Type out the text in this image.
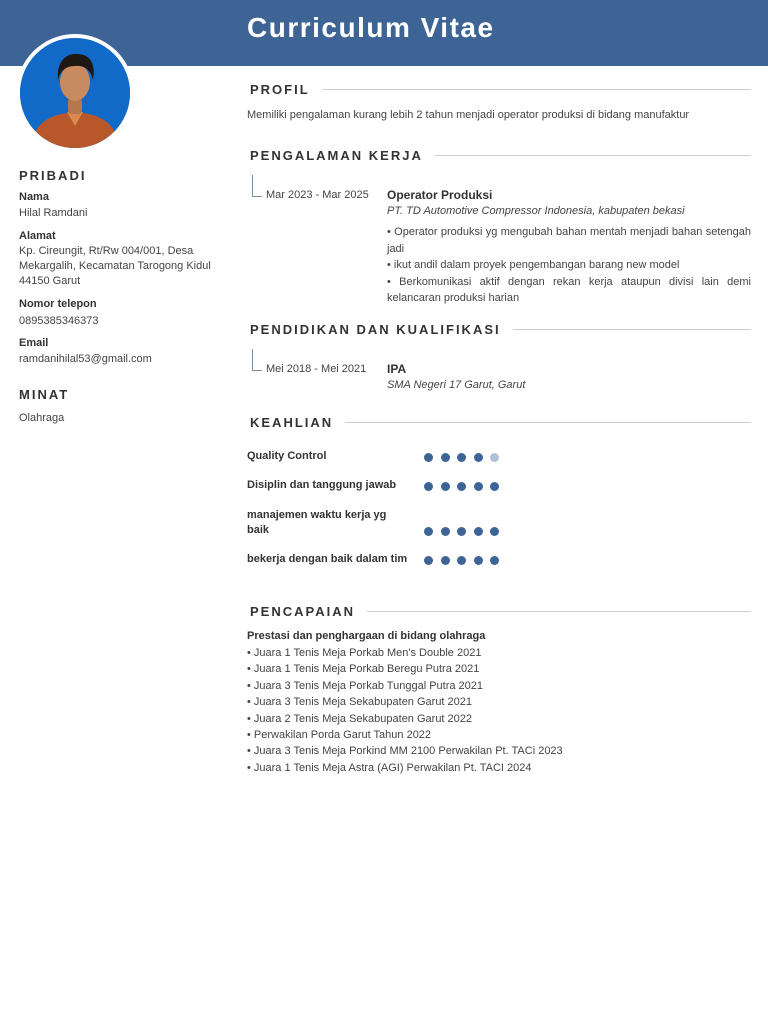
Curriculum Vitae
PRIBADI
Nama
Hilal Ramdani
Alamat
Kp. Cireungit, Rt/Rw 004/001, Desa Mekargalih, Kecamatan Tarogong Kidul 44150 Garut
Nomor telepon
0895385346373
Email
ramdanihilal53@gmail.com
MINAT
Olahraga
PROFIL
Memiliki pengalaman kurang lebih 2 tahun menjadi operator produksi di bidang manufaktur
PENGALAMAN KERJA
Mar 2023 - Mar 2025 Operator Produksi
PT. TD Automotive Compressor Indonesia, kabupaten bekasi
• Operator produksi yg mengubah bahan mentah menjadi bahan setengah jadi
• ikut andil dalam proyek pengembangan barang new model
• Berkomunikasi aktif dengan rekan kerja ataupun divisi lain demi kelancaran produksi harian
PENDIDIKAN DAN KUALIFIKASI
Mei 2018 - Mei 2021 IPA
SMA Negeri 17 Garut, Garut
KEAHLIAN
Quality Control
Disiplin dan tanggung jawab
manajemen waktu kerja yg baik
bekerja dengan baik dalam tim
PENCAPAIAN
Prestasi dan penghargaan di bidang olahraga
• Juara 1 Tenis Meja Porkab Men's Double 2021
• Juara 1 Tenis Meja Porkab Beregu Putra 2021
• Juara 3 Tenis Meja Porkab Tunggal Putra 2021
• Juara 3 Tenis Meja Sekabupaten Garut 2021
• Juara 2 Tenis Meja Sekabupaten Garut 2022
• Perwakilan Porda Garut Tahun 2022
• Juara 3 Tenis Meja Porkind MM 2100 Perwakilan Pt. TACi 2023
• Juara 1 Tenis Meja Astra (AGI) Perwakilan Pt. TACI 2024
